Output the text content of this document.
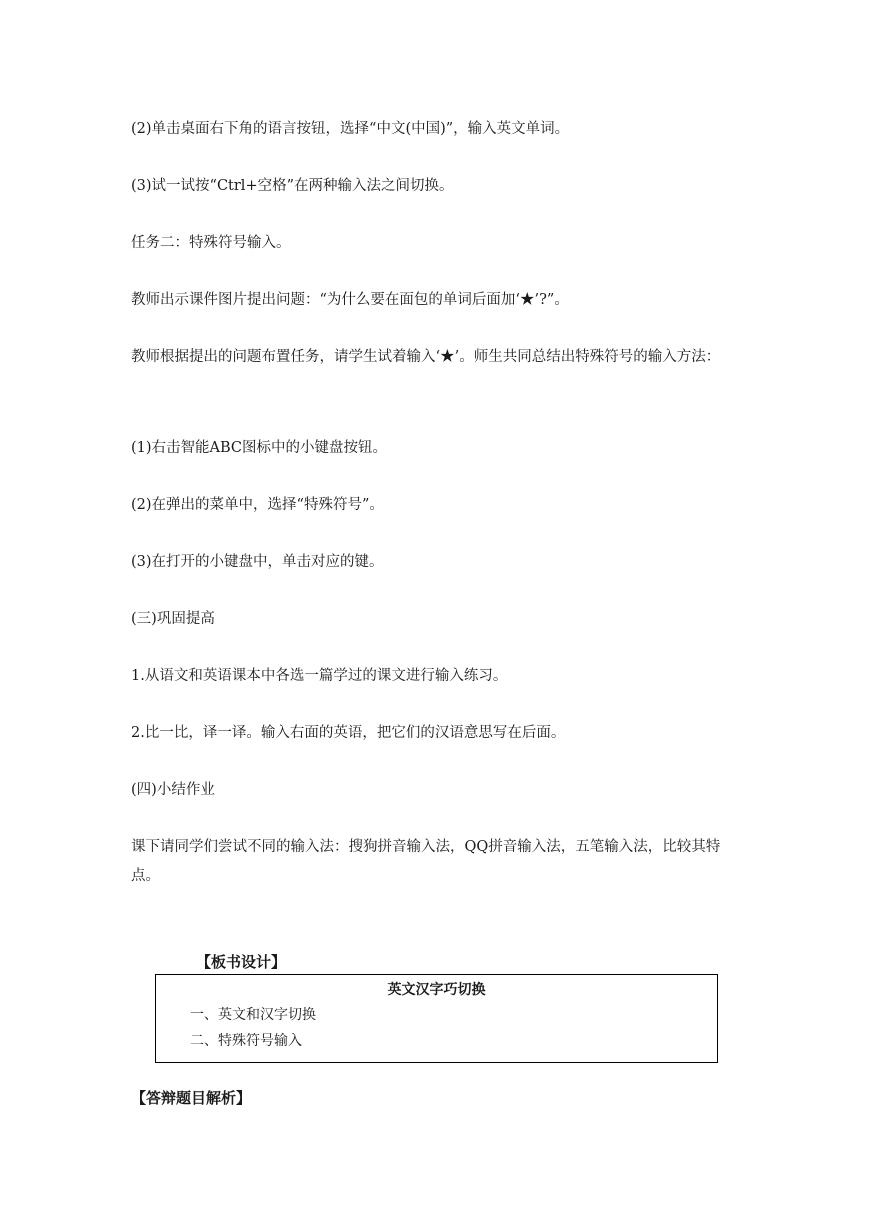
(2)单击桌面右下角的语言按钮，选择“中文(中国)”，输入英文单词。

(3)试一试按“Ctrl+空格”在两种输入法之间切换。

任务二：特殊符号输入。

教师出示课件图片提出问题：“为什么要在面包的单词后面加‘★’?”。

教师根据提出的问题布置任务，请学生试着输入‘★’。师生共同总结出特殊符号的输入方法：

(1)右击智能ABC图标中的小键盘按钮。

(2)在弹出的菜单中，选择“特殊符号”。

(3)在打开的小键盘中，单击对应的键。

(三)巩固提高

1.从语文和英语课本中各选一篇学过的课文进行输入练习。

2.比一比，译一译。输入右面的英语，把它们的汉语意思写在后面。

(四)小结作业

课下请同学们尝试不同的输入法：搜狗拼音输入法，QQ拼音输入法，五笔输入法，比较其特点。

【板书设计】

英文汉字巧切换
一、英文和汉字切换
二、特殊符号输入

【答辩题目解析】
